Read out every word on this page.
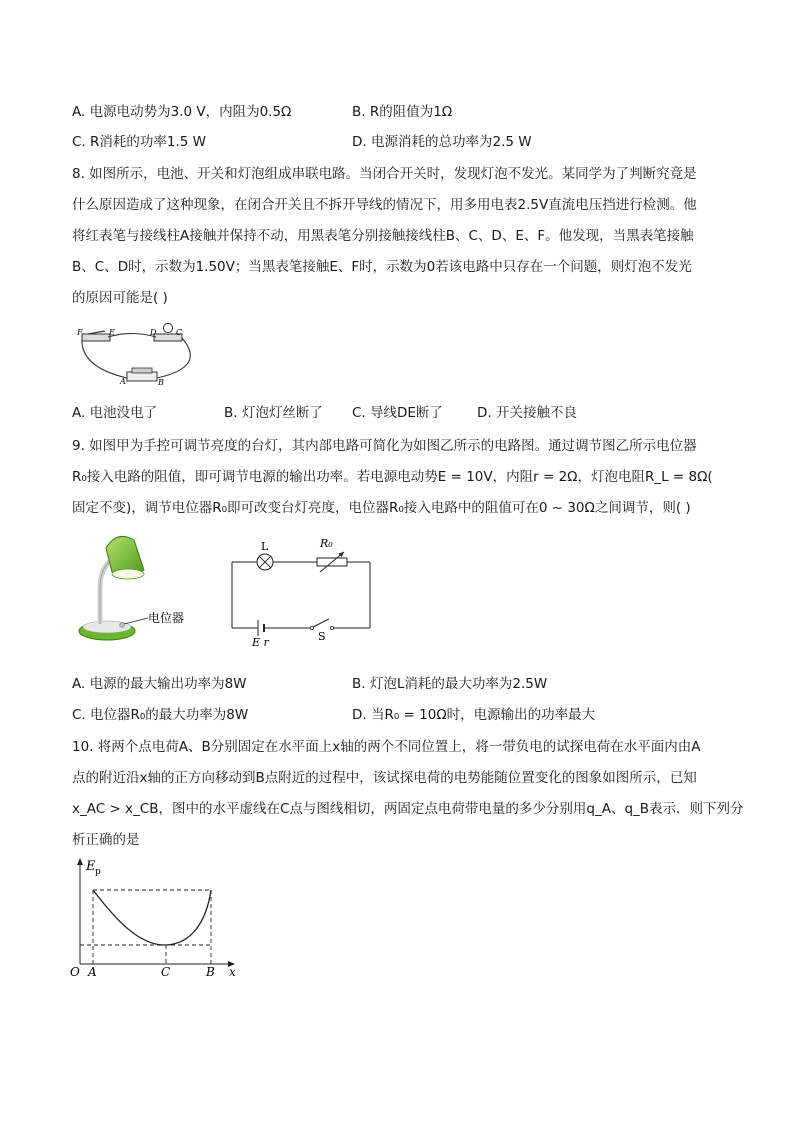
A. 电源电动势为3.0 V，内阻为0.5Ω	B. R的阻值为1Ω
C. R消耗的功率1.5 W	D. 电源消耗的总功率为2.5 W
8. 如图所示，电池、开关和灯泡组成串联电路。当闭合开关时，发现灯泡不发光。某同学为了判断究竟是
什么原因造成了这种现象，在闭合开关且不拆开导线的情况下，用多用电表2.5V直流电压挡进行检测。他
将红表笔与接线柱A接触并保持不动，用黑表笔分别接触接线柱B、C、D、E、F。他发现，当黑表笔接触
B、C、D时，示数为1.50V；当黑表笔接触E、F时，示数为0若该电路中只存在一个问题，则灯泡不发光
的原因可能是( )
F	E	D C
A	B
A. 电池没电了	B. 灯泡灯丝断了 C. 导线DE断了	D. 开关接触不良
9. 如图甲为手控可调节亮度的台灯，其内部电路可简化为如图乙所示的电路图。通过调节图乙所示电位器
R₀接入电路的阻值，即可调节电源的输出功率。若电源电动势E = 10V，内阻r = 2Ω，灯泡电阻R_L = 8Ω(
固定不变)，调节电位器R₀即可改变台灯亮度，电位器R₀接入电路中的阻值可在0 ~ 30Ω之间调节，则( )
电位器
L	R₀
E r	S
A. 电源的最大输出功率为8W	B. 灯泡L消耗的最大功率为2.5W
C. 电位器R₀的最大功率为8W	D. 当R₀ = 10Ω时，电源输出的功率最大
10. 将两个点电荷A、B分别固定在水平面上x轴的两个不同位置上，将一带负电的试探电荷在水平面内由A
点的附近沿x轴的正方向移动到B点附近的过程中，该试探电荷的电势能随位置变化的图象如图所示，已知
x_AC > x_CB，图中的水平虚线在C点与图线相切，两固定点电荷带电量的多少分别用q_A、q_B表示．则下列分
析正确的是
E p
O A	C	B x
